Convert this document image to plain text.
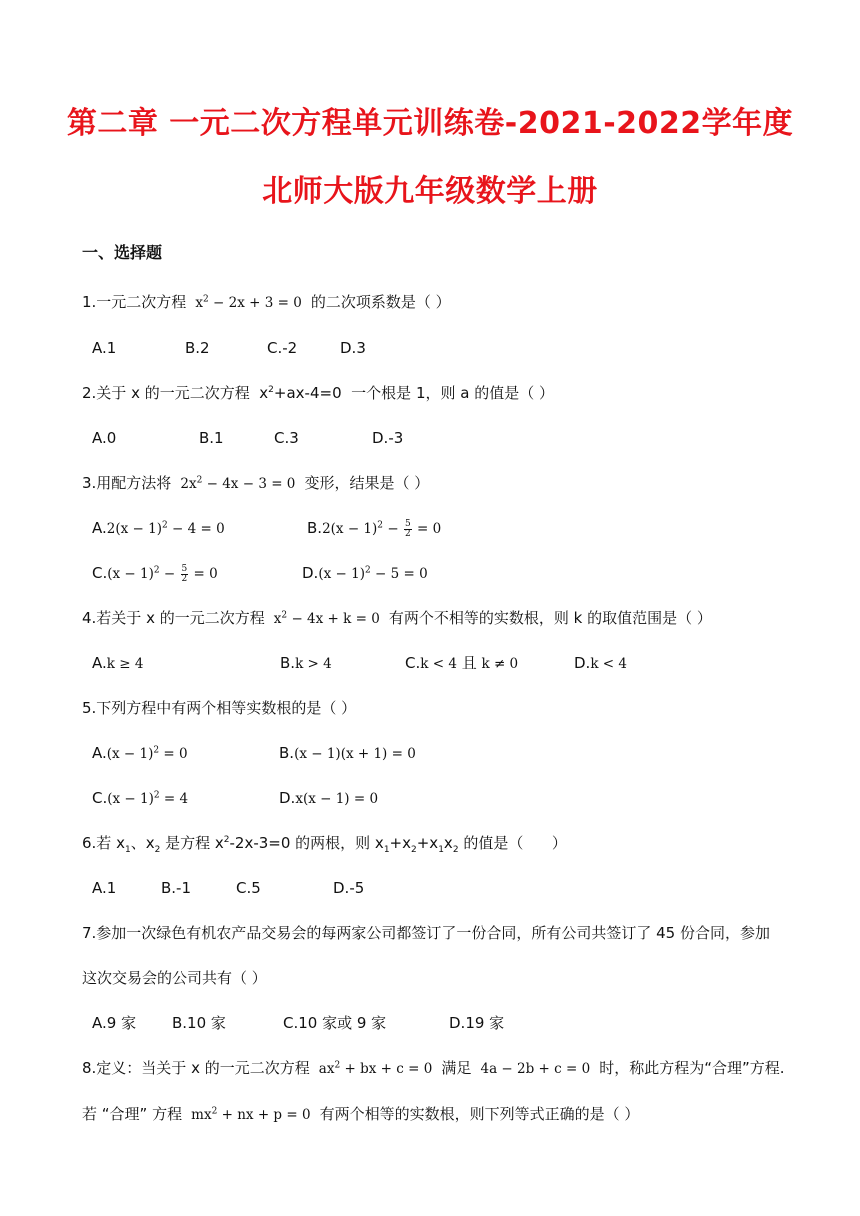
第二章 一元二次方程单元训练卷-2021-2022学年度
北师大版九年级数学上册
一、选择题
1.一元二次方程  $x^2 - 2x + 3 = 0$  的二次项系数是（ ）
A.1	B.2	C.-2	D.3
2.关于 x 的一元二次方程  $x^2+ax-4=0$  一个根是 1，则 a 的值是（ ）
A.0	B.1	C.3	D.-3
3.用配方法将  $2x^2 - 4x - 3 = 0$  变形，结果是（ ）
$A.2(x - 1)^2 - 4 = 0$	$B.2(x - 1)^2 - \frac{5}{2} = 0$
$C.(x - 1)^2 - \frac{5}{2} = 0$	$D.(x - 1)^2 - 5 = 0$
4.若关于 x 的一元二次方程  $x^2 - 4x + k = 0$  有两个不相等的实数根，则 k 的取值范围是（ ）
A.k ≥ 4	B.k > 4	C.k < 4 且 k ≠ 0	D.k < 4
5.下列方程中有两个相等实数根的是（ ）
$A.(x - 1)^2 = 0$	B.(x − 1)(x + 1) = 0
$C.(x - 1)^2 = 4$	D.x(x − 1) = 0
6.若 $x_1$、$x_2$ 是方程 $x^2-2x-3=0$ 的两根，则 $x_1+x_2+x_1x_2$ 的值是（      ）
A.1	B.-1	C.5	D.-5
7.参加一次绿色有机农产品交易会的每两家公司都签订了一份合同，所有公司共签订了 45 份合同，参加
这次交易会的公司共有（ ）
A.9 家 B.10 家	C.10 家或 9 家	D.19 家
8.定义：当关于 x 的一元二次方程  $ax^2$ + bx + c = 0  满足  4a − 2b + c = 0  时，称此方程为“合理”方程.
若 “合理” 方程  $mx^2$ + nx + p = 0  有两个相等的实数根，则下列等式正确的是（ ）
